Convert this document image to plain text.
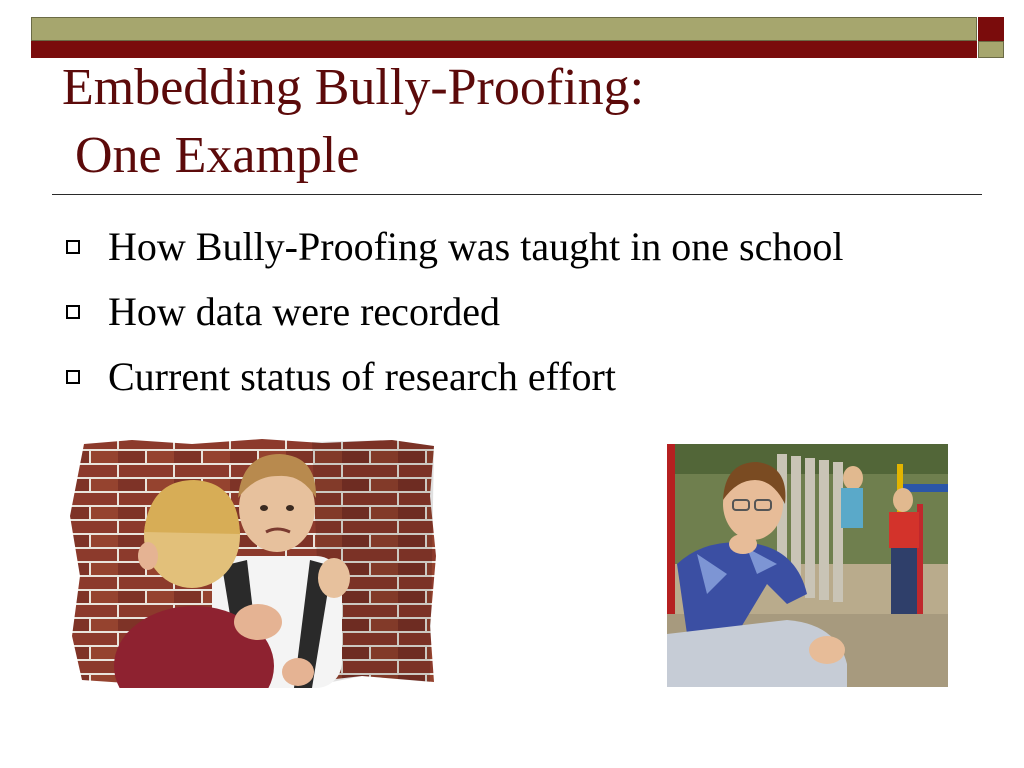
Embedding Bully-Proofing:
One Example
How Bully-Proofing was taught in one school
How data were recorded
Current status of research effort
